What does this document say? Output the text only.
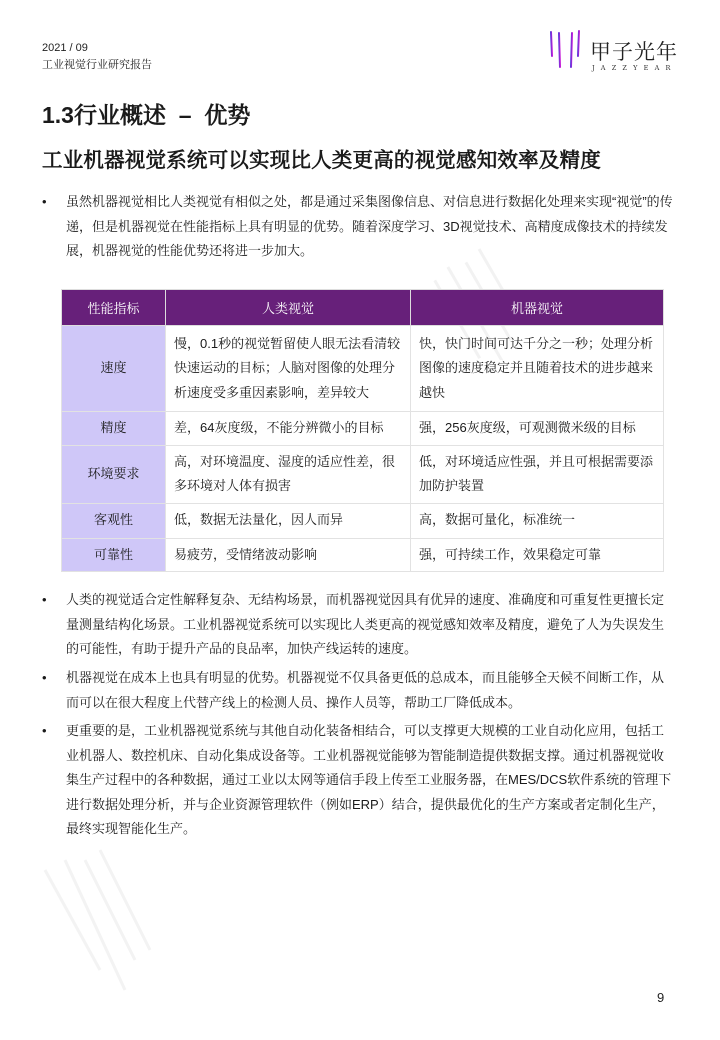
2021 / 09
工业视觉行业研究报告
甲子光年
JAZZYEAR
1.3行业概述  –  优势
工业机器视觉系统可以实现比人类更高的视觉感知效率及精度
•	虽然机器视觉相比人类视觉有相似之处，都是通过采集图像信息、对信息进行数据化处理来实现“视觉”的传递，但是机器视觉在性能指标上具有明显的优势。随着深度学习、3D视觉技术、高精度成像技术的持续发展，机器视觉的性能优势还将进一步加大。
性能指标	人类视觉	机器视觉
速度	慢，0.1秒的视觉暂留使人眼无法看清较快速运动的目标；人脑对图像的处理分析速度受多重因素影响，差异较大	快，快门时间可达千分之一秒；处理分析图像的速度稳定并且随着技术的进步越来越快
精度	差，64灰度级，不能分辨微小的目标	强，256灰度级，可观测微米级的目标
环境要求	高，对环境温度、湿度的适应性差，很多环境对人体有损害	低，对环境适应性强，并且可根据需要添加防护装置
客观性	低，数据无法量化，因人而异	高，数据可量化，标准统一
可靠性	易疲劳，受情绪波动影响	强，可持续工作，效果稳定可靠
•	人类的视觉适合定性解释复杂、无结构场景，而机器视觉因具有优异的速度、准确度和可重复性更擅长定量测量结构化场景。工业机器视觉系统可以实现比人类更高的视觉感知效率及精度，避免了人为失误发生的可能性，有助于提升产品的良品率，加快产线运转的速度。
•	机器视觉在成本上也具有明显的优势。机器视觉不仅具备更低的总成本，而且能够全天候不间断工作，从而可以在很大程度上代替产线上的检测人员、操作人员等，帮助工厂降低成本。
•	更重要的是，工业机器视觉系统与其他自动化装备相结合，可以支撑更大规模的工业自动化应用，包括工业机器人、数控机床、自动化集成设备等。工业机器视觉能够为智能制造提供数据支撑。通过机器视觉收集生产过程中的各种数据，通过工业以太网等通信手段上传至工业服务器，在MES/DCS软件系统的管理下进行数据处理分析，并与企业资源管理软件（例如ERP）结合，提供最优化的生产方案或者定制化生产，最终实现智能化生产。
9
